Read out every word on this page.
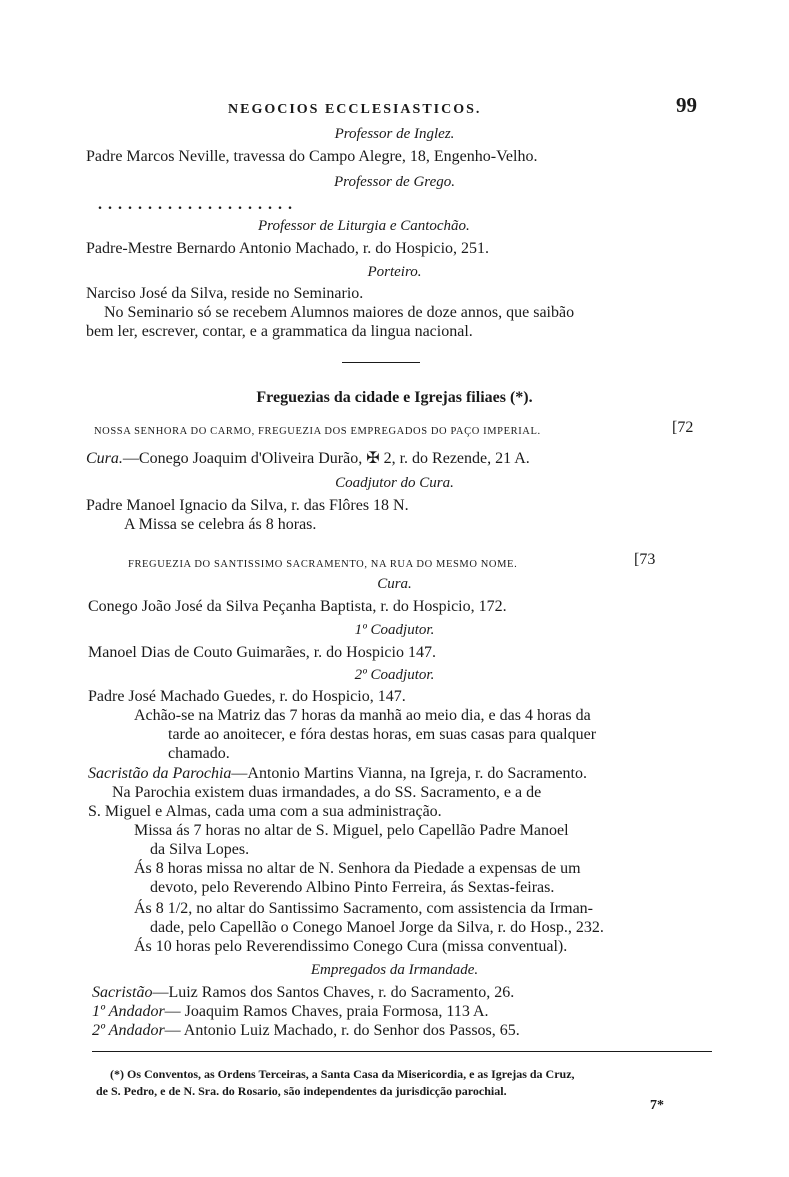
NEGOCIOS ECCLESIASTICOS.	99
Professor de Inglez.
Padre Marcos Neville, travessa do Campo Alegre, 18, Engenho-Velho.
Professor de Grego.
. . . . . . . . . . . . . . . . . . . .
Professor de Liturgia e Cantochão.
Padre-Mestre Bernardo Antonio Machado, r. do Hospicio, 251.
Porteiro.
Narciso José da Silva, reside no Seminario.
No Seminario só se recebem Alumnos maiores de doze annos, que saibão
bem ler, escrever, contar, e a grammatica da lingua nacional.
Freguezias da cidade e Igrejas filiaes (*).
NOSSA SENHORA DO CARMO, FREGUEZIA DOS EMPREGADOS DO PAÇO IMPERIAL.	[72
Cura.—Conego Joaquim d'Oliveira Durão, ✠ 2, r. do Rezende, 21 A.
Coadjutor do Cura.
Padre Manoel Ignacio da Silva, r. das Flôres 18 N.
A Missa se celebra ás 8 horas.
FREGUEZIA DO SANTISSIMO SACRAMENTO, NA RUA DO MESMO NOME.	[73
Cura.
Conego João José da Silva Peçanha Baptista, r. do Hospicio, 172.
1º Coadjutor.
Manoel Dias de Couto Guimarães, r. do Hospicio 147.
2º Coadjutor.
Padre José Machado Guedes, r. do Hospicio, 147.
Achão-se na Matriz das 7 horas da manhã ao meio dia, e das 4 horas da
tarde ao anoitecer, e fóra destas horas, em suas casas para qualquer
chamado.
Sacristão da Parochia—Antonio Martins Vianna, na Igreja, r. do Sacramento.
Na Parochia existem duas irmandades, a do SS. Sacramento, e a de
S. Miguel e Almas, cada uma com a sua administração.
Missa ás 7 horas no altar de S. Miguel, pelo Capellão Padre Manoel
da Silva Lopes.
Ás 8 horas missa no altar de N. Senhora da Piedade a expensas de um
devoto, pelo Reverendo Albino Pinto Ferreira, ás Sextas-feiras.
Ás 8 1/2, no altar do Santissimo Sacramento, com assistencia da Irman-
dade, pelo Capellão o Conego Manoel Jorge da Silva, r. do Hosp., 232.
Ás 10 horas pelo Reverendissimo Conego Cura (missa conventual).
Empregados da Irmandade.
Sacristão—Luiz Ramos dos Santos Chaves, r. do Sacramento, 26.
1º Andador— Joaquim Ramos Chaves, praia Formosa, 113 A.
2º Andador— Antonio Luiz Machado, r. do Senhor dos Passos, 65.
(*) Os Conventos, as Ordens Terceiras, a Santa Casa da Misericordia, e as Igrejas da Cruz,
de S. Pedro, e de N. Sra. do Rosario, são independentes da jurisdicção parochial.
7*
